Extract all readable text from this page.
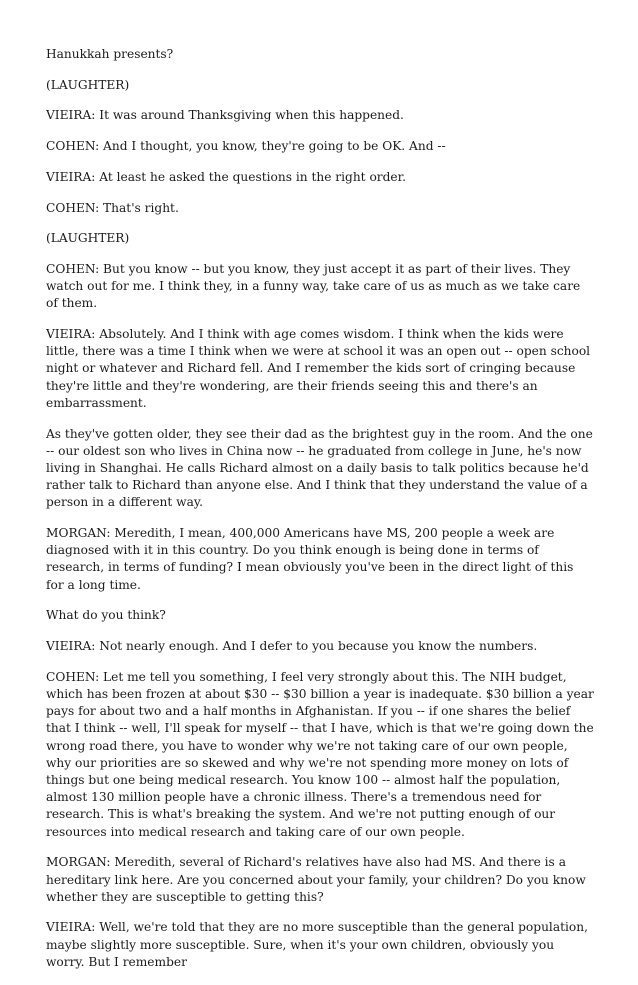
Hanukkah presents?

(LAUGHTER)

VIEIRA: It was around Thanksgiving when this happened.

COHEN: And I thought, you know, they're going to be OK. And --

VIEIRA: At least he asked the questions in the right order.

COHEN: That's right.

(LAUGHTER)

COHEN: But you know -- but you know, they just accept it as part of their lives. They watch out for me. I think they, in a funny way, take care of us as much as we take care of them.

VIEIRA: Absolutely. And I think with age comes wisdom. I think when the kids were little, there was a time I think when we were at school it was an open out -- open school night or whatever and Richard fell. And I remember the kids sort of cringing because they're little and they're wondering, are their friends seeing this and there's an embarrassment.

As they've gotten older, they see their dad as the brightest guy in the room. And the one -- our oldest son who lives in China now -- he graduated from college in June, he's now living in Shanghai. He calls Richard almost on a daily basis to talk politics because he'd rather talk to Richard than anyone else. And I think that they understand the value of a person in a different way.

MORGAN: Meredith, I mean, 400,000 Americans have MS, 200 people a week are diagnosed with it in this country. Do you think enough is being done in terms of research, in terms of funding? I mean obviously you've been in the direct light of this for a long time.

What do you think?

VIEIRA: Not nearly enough. And I defer to you because you know the numbers.

COHEN: Let me tell you something, I feel very strongly about this. The NIH budget, which has been frozen at about $30 -- $30 billion a year is inadequate. $30 billion a year pays for about two and a half months in Afghanistan. If you -- if one shares the belief that I think -- well, I'll speak for myself -- that I have, which is that we're going down the wrong road there, you have to wonder why we're not taking care of our own people, why our priorities are so skewed and why we're not spending more money on lots of things but one being medical research. You know 100 -- almost half the population, almost 130 million people have a chronic illness. There's a tremendous need for research. This is what's breaking the system. And we're not putting enough of our resources into medical research and taking care of our own people.

MORGAN: Meredith, several of Richard's relatives have also had MS. And there is a hereditary link here. Are you concerned about your family, your children? Do you know whether they are susceptible to getting this?

VIEIRA: Well, we're told that they are no more susceptible than the general population, maybe slightly more susceptible. Sure, when it's your own children, obviously you worry. But I remember
